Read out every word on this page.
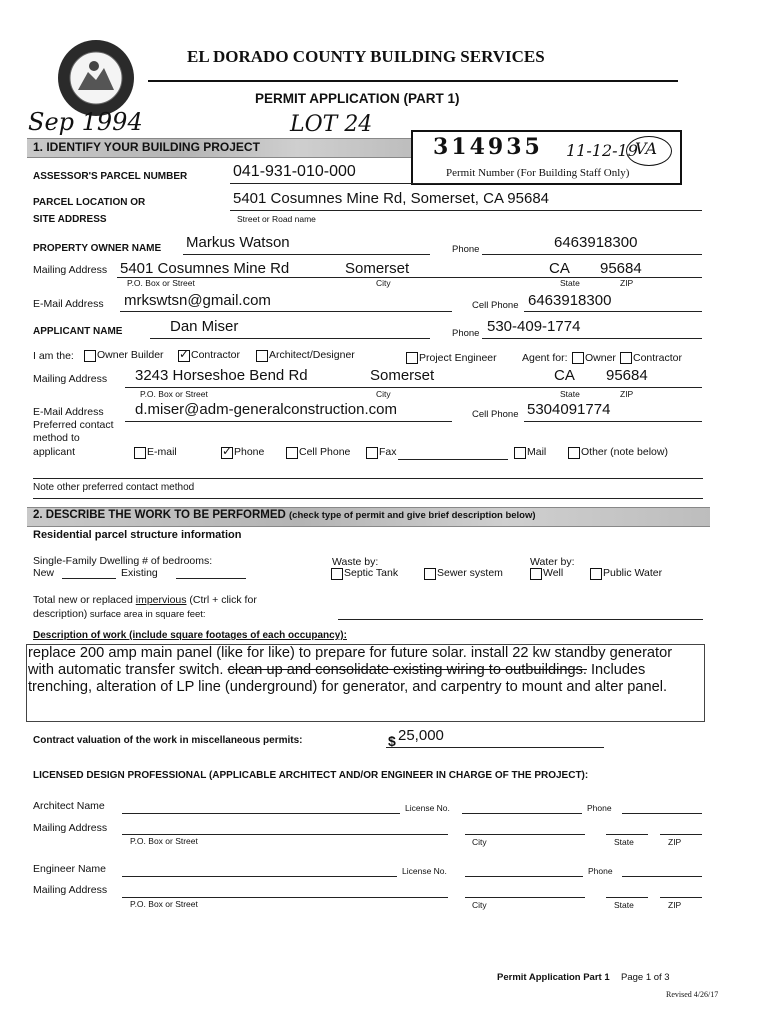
EL DORADO COUNTY BUILDING SERVICES
PERMIT APPLICATION (PART 1)
Sep 1994	LOT 24
1. IDENTIFY YOUR BUILDING PROJECT	314935 11-12-19
VA
Permit Number (For Building Staff Only)
ASSESSOR'S PARCEL NUMBER	041-931-010-000
PARCEL LOCATION OR
SITE ADDRESS
5401 Cosumnes Mine Rd, Somerset, CA 95684
Street or Road name
PROPERTY OWNER NAME Markus Watson	Phone	6463918300
Mailing Address 5401 Cosumnes Mine Rd	Somerset	CA 95684
P.O. Box or Street	City	State	ZIP
E-Mail Address mrkswtsn@gmail.com	Cell Phone 6463918300
APPLICANT NAME	Dan Miser	Phone 530-409-1774
I am the: Owner Builder ✓	Contractor	Architect/Designer	Project Engineer Agent for: Owner Contractor
Mailing Address 3243 Horseshoe Bend Rd	Somerset	CA 95684
P.O. Box or Street	City	State	ZIP
E-Mail Address
Preferred contact
method to
applicant
d.miser@adm-generalconstruction.com	Cell Phone 5304091774
E-mail ✓	Phone	Cell Phone	Fax	Mail	Other (note below)
Note other preferred contact method
2. DESCRIBE THE WORK TO BE PERFORMED (check type of permit and give brief description below)
Residential parcel structure information
Single-Family Dwelling # of bedrooms:
New	Existing
Waste by:
Septic Tank	Sewer system
Water by:
Well	Public Water
Total new or replaced impervious (Ctrl + click for
description) surface area in square feet:
Description of work (include square footages of each occupancy):
replace 200 amp main panel (like for like) to prepare for future solar. install 22 kw standby generator
with automatic transfer switch. clean up and consolidate existing wiring to outbuildings. Includes
trenching, alteration of LP line (underground) for generator, and carpentry to mount and alter panel.
Contract valuation of the work in miscellaneous permits:	$ 25,000
LICENSED DESIGN PROFESSIONAL (APPLICABLE ARCHITECT AND/OR ENGINEER IN CHARGE OF THE PROJECT):
Architect Name	License No.	Phone
Mailing Address
P.O. Box or Street	City	State	ZIP
Engineer Name	License No.	Phone
Mailing Address
P.O. Box or Street	City	State	ZIP
Permit Application Part 1 Page 1 of 3
Revised 4/26/17
